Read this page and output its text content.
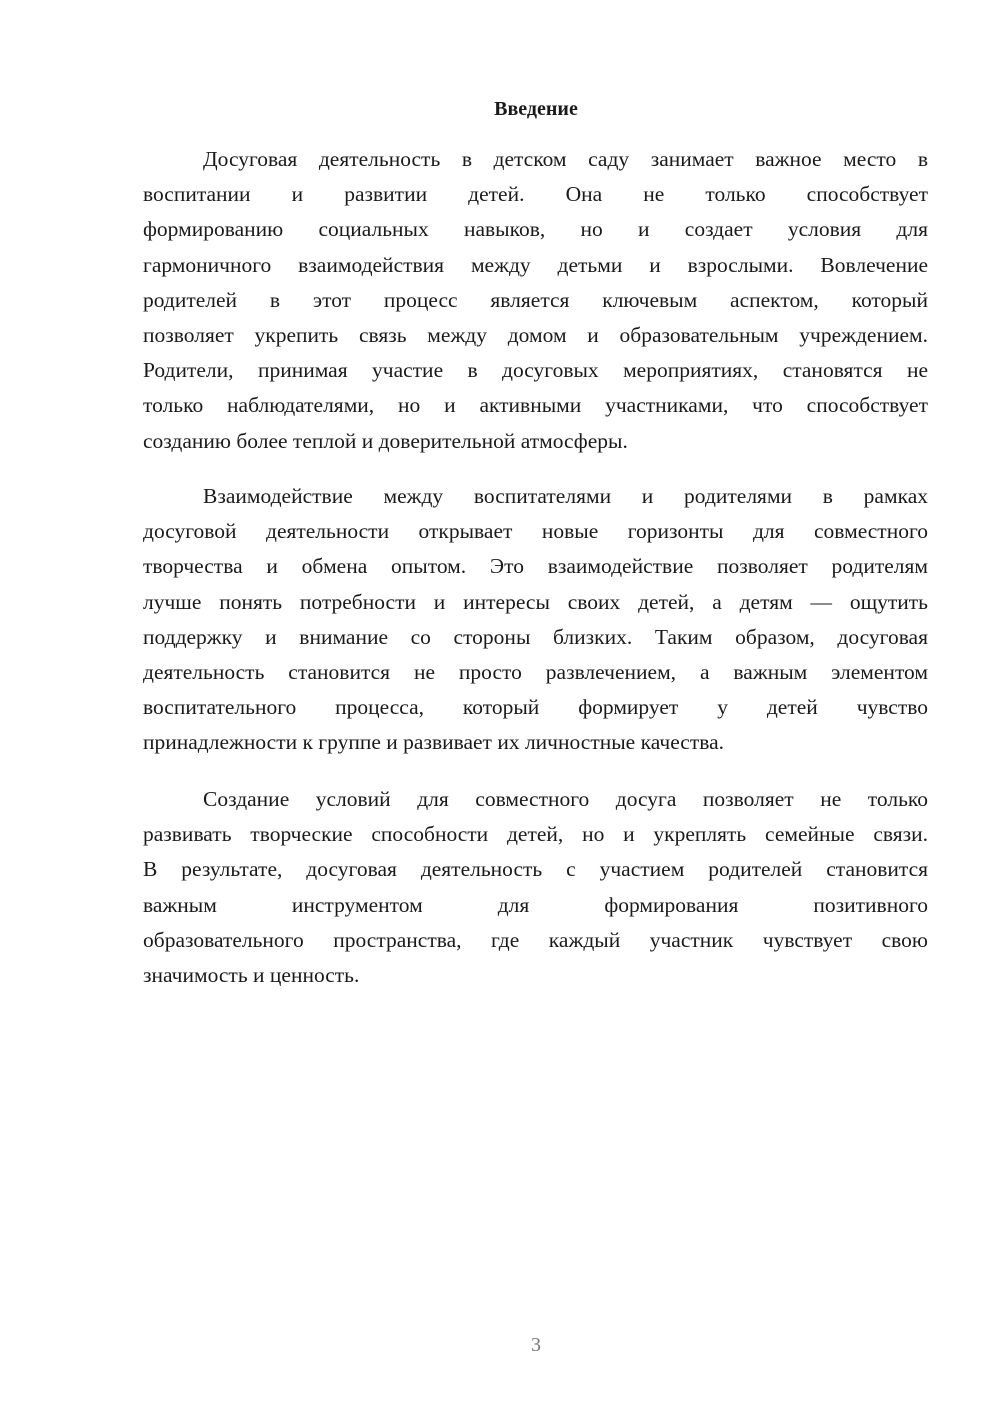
Введение
Досуговая деятельность в детском саду занимает важное место в
воспитании и развитии детей. Она не только способствует
формированию социальных навыков, но и создает условия для
гармоничного взаимодействия между детьми и взрослыми. Вовлечение
родителей в этот процесс является ключевым аспектом, который
позволяет укрепить связь между домом и образовательным учреждением.
Родители, принимая участие в досуговых мероприятиях, становятся не
только наблюдателями, но и активными участниками, что способствует
созданию более теплой и доверительной атмосферы.
Взаимодействие между воспитателями и родителями в рамках
досуговой деятельности открывает новые горизонты для совместного
творчества и обмена опытом. Это взаимодействие позволяет родителям
лучше понять потребности и интересы своих детей, а детям — ощутить
поддержку и внимание со стороны близких. Таким образом, досуговая
деятельность становится не просто развлечением, а важным элементом
воспитательного процесса, который формирует у детей чувство
принадлежности к группе и развивает их личностные качества.
Создание условий для совместного досуга позволяет не только
развивать творческие способности детей, но и укреплять семейные связи.
В результате, досуговая деятельность с участием родителей становится
важным инструментом для формирования позитивного
образовательного пространства, где каждый участник чувствует свою
значимость и ценность.
3
